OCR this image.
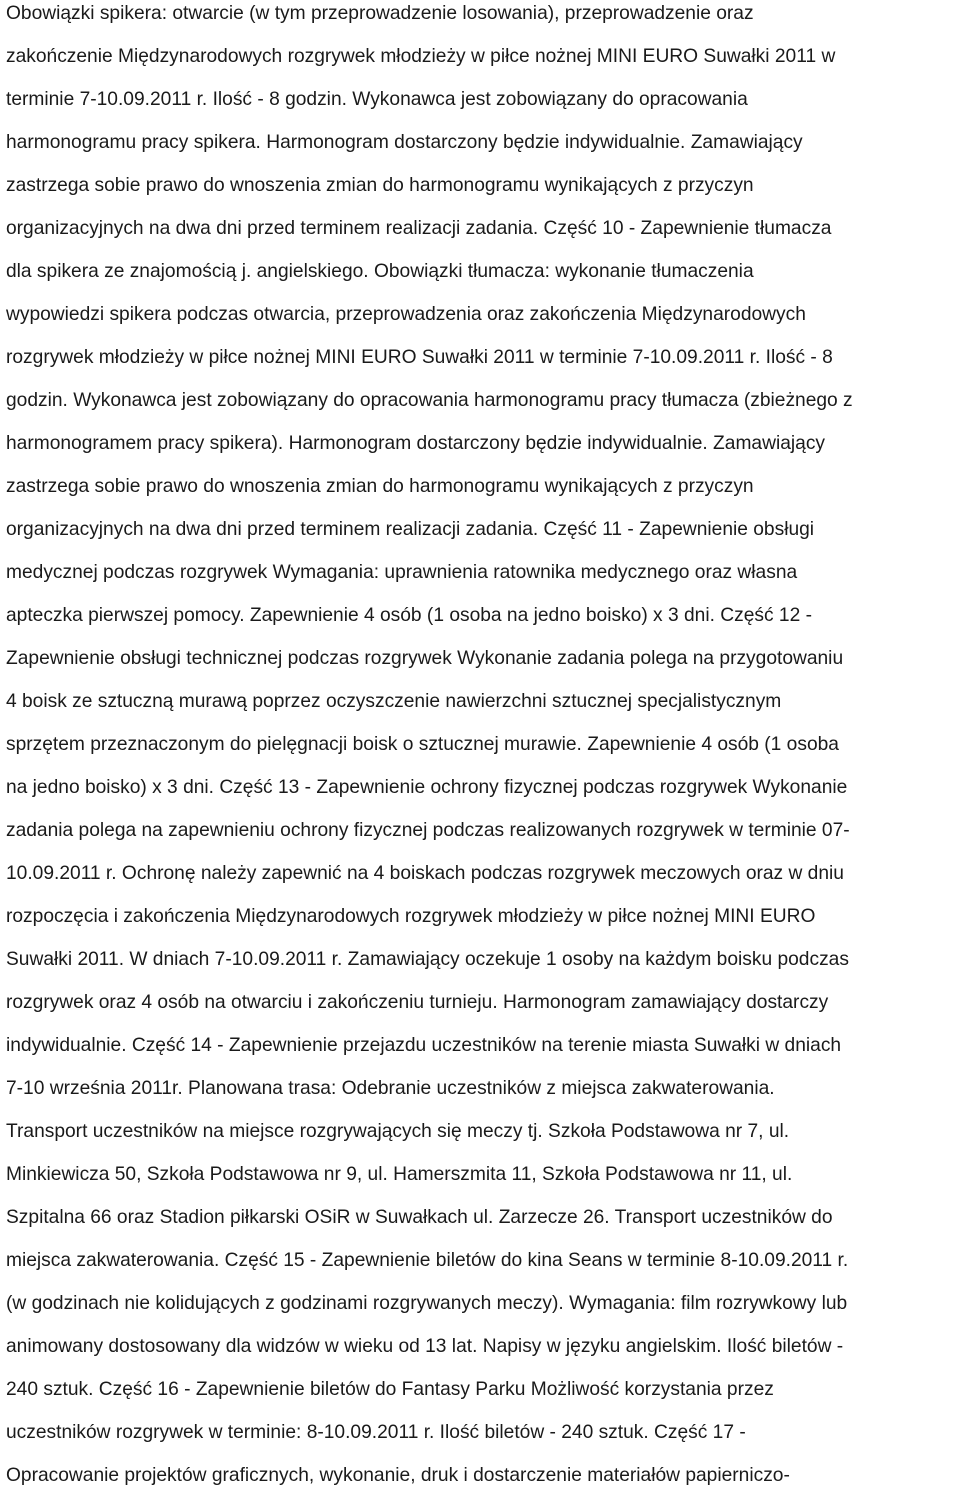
Obowiązki spikera: otwarcie (w tym przeprowadzenie losowania), przeprowadzenie oraz
zakończenie Międzynarodowych rozgrywek młodzieży w piłce nożnej MINI EURO Suwałki 2011 w
terminie 7-10.09.2011 r. Ilość - 8 godzin. Wykonawca jest zobowiązany do opracowania
harmonogramu pracy spikera. Harmonogram dostarczony będzie indywidualnie. Zamawiający
zastrzega sobie prawo do wnoszenia zmian do harmonogramu wynikających z przyczyn
organizacyjnych na dwa dni przed terminem realizacji zadania. Część 10 - Zapewnienie tłumacza
dla spikera ze znajomością j. angielskiego. Obowiązki tłumacza: wykonanie tłumaczenia
wypowiedzi spikera podczas otwarcia, przeprowadzenia oraz zakończenia Międzynarodowych
rozgrywek młodzieży w piłce nożnej MINI EURO Suwałki 2011 w terminie 7-10.09.2011 r. Ilość - 8
godzin. Wykonawca jest zobowiązany do opracowania harmonogramu pracy tłumacza (zbieżnego z
harmonogramem pracy spikera). Harmonogram dostarczony będzie indywidualnie. Zamawiający
zastrzega sobie prawo do wnoszenia zmian do harmonogramu wynikających z przyczyn
organizacyjnych na dwa dni przed terminem realizacji zadania. Część 11 - Zapewnienie obsługi
medycznej podczas rozgrywek Wymagania: uprawnienia ratownika medycznego oraz własna
apteczka pierwszej pomocy. Zapewnienie 4 osób (1 osoba na jedno boisko) x 3 dni. Część 12 -
Zapewnienie obsługi technicznej podczas rozgrywek Wykonanie zadania polega na przygotowaniu
4 boisk ze sztuczną murawą poprzez oczyszczenie nawierzchni sztucznej specjalistycznym
sprzętem przeznaczonym do pielęgnacji boisk o sztucznej murawie. Zapewnienie 4 osób (1 osoba
na jedno boisko) x 3 dni. Część 13 - Zapewnienie ochrony fizycznej podczas rozgrywek Wykonanie
zadania polega na zapewnieniu ochrony fizycznej podczas realizowanych rozgrywek w terminie 07-
10.09.2011 r. Ochronę należy zapewnić na 4 boiskach podczas rozgrywek meczowych oraz w dniu
rozpoczęcia i zakończenia Międzynarodowych rozgrywek młodzieży w piłce nożnej MINI EURO
Suwałki 2011. W dniach 7-10.09.2011 r. Zamawiający oczekuje 1 osoby na każdym boisku podczas
rozgrywek oraz 4 osób na otwarciu i zakończeniu turnieju. Harmonogram zamawiający dostarczy
indywidualnie. Część 14 - Zapewnienie przejazdu uczestników na terenie miasta Suwałki w dniach
7-10 września 2011r. Planowana trasa: Odebranie uczestników z miejsca zakwaterowania.
Transport uczestników na miejsce rozgrywających się meczy tj. Szkoła Podstawowa nr 7, ul.
Minkiewicza 50, Szkoła Podstawowa nr 9, ul. Hamerszmita 11, Szkoła Podstawowa nr 11, ul.
Szpitalna 66 oraz Stadion piłkarski OSiR w Suwałkach ul. Zarzecze 26. Transport uczestników do
miejsca zakwaterowania. Część 15 - Zapewnienie biletów do kina Seans w terminie 8-10.09.2011 r.
(w godzinach nie kolidujących z godzinami rozgrywanych meczy). Wymagania: film rozrywkowy lub
animowany dostosowany dla widzów w wieku od 13 lat. Napisy w języku angielskim. Ilość biletów -
240 sztuk. Część 16 - Zapewnienie biletów do Fantasy Parku Możliwość korzystania przez
uczestników rozgrywek w terminie: 8-10.09.2011 r. Ilość biletów - 240 sztuk. Część 17 -
Opracowanie projektów graficznych, wykonanie, druk i dostarczenie materiałów papierniczo-
